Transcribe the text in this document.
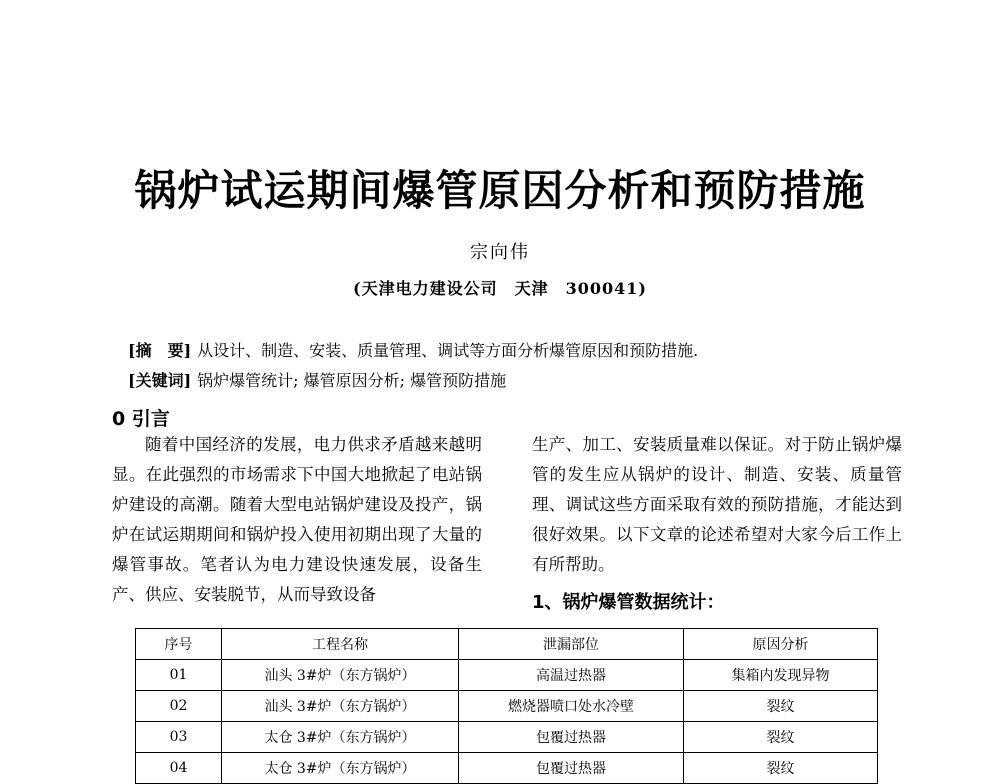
锅炉试运期间爆管原因分析和预防措施
宗向伟
(天津电力建设公司　天津　300041)
[摘　要] 从设计、制造、安装、质量管理、调试等方面分析爆管原因和预防措施.
[关键词] 锅炉爆管统计; 爆管原因分析; 爆管预防措施
0 引言

随着中国经济的发展，电力供求矛盾越来越明显。在此强烈的市场需求下中国大地掀起了电站锅炉建设的高潮。随着大型电站锅炉建设及投产，锅炉在试运期期间和锅炉投入使用初期出现了大量的爆管事故。笔者认为电力建设快速发展，设备生产、供应、安装脱节，从而导致设备

生产、加工、安装质量难以保证。对于防止锅炉爆管的发生应从锅炉的设计、制造、安装、质量管理、调试这些方面采取有效的预防措施，才能达到很好效果。以下文章的论述希望对大家今后工作上有所帮助。

1、锅炉爆管数据统计：
序号	工程名称	泄漏部位	原因分析
01	汕头 3#炉（东方锅炉）	高温过热器	集箱内发现异物
02	汕头 3#炉（东方锅炉）	燃烧器喷口处水冷壁	裂纹
03	太仓 3#炉（东方锅炉）	包覆过热器	裂纹
04	太仓 3#炉（东方锅炉）	包覆过热器	裂纹
